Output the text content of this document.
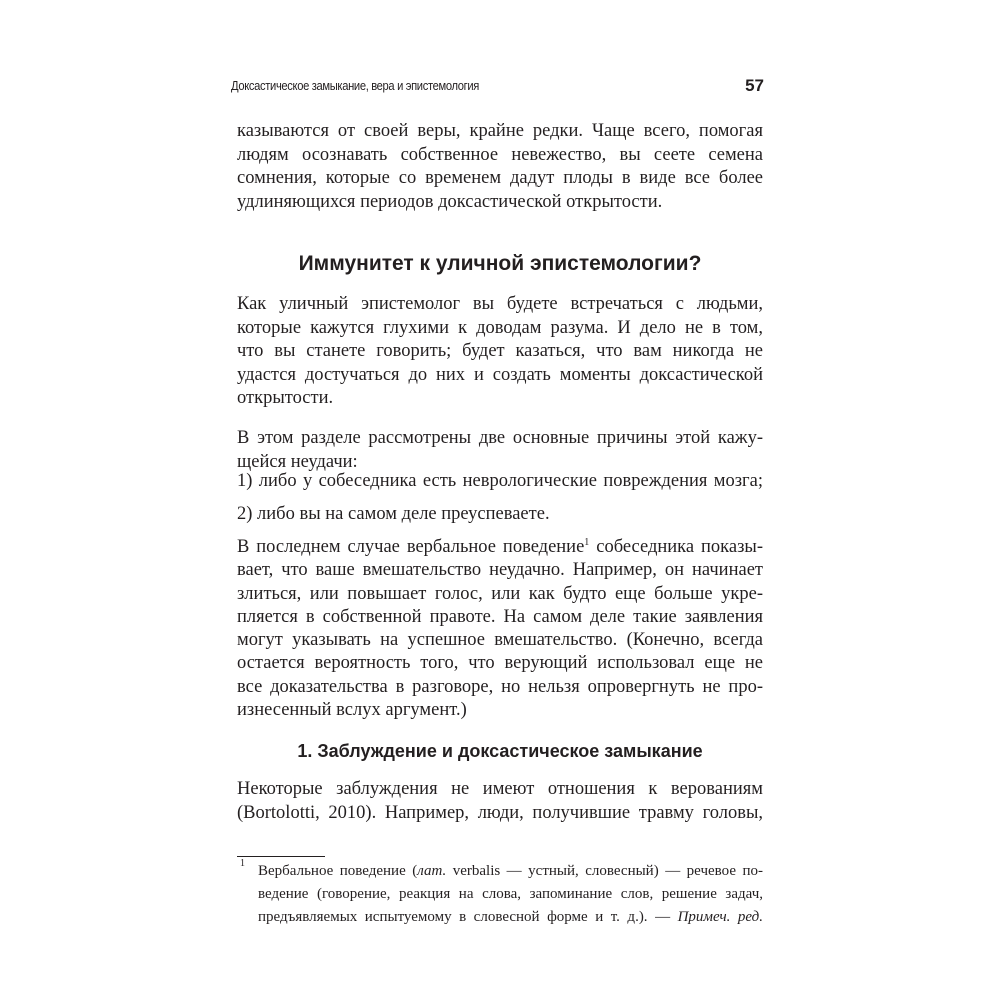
Доксастическое замыкание, вера и эпистемология	57
казываются от своей веры, крайне редки. Чаще всего, помогая
людям осознавать собственное невежество, вы сеете семена
сомнения, которые со временем дадут плоды в виде все более
удлиняющихся периодов доксастической открытости.
Иммунитет к уличной эпистемологии?
Как уличный эпистемолог вы будете встречаться с людьми,
которые кажутся глухими к доводам разума. И дело не в том,
что вы станете говорить; будет казаться, что вам никогда не
удастся достучаться до них и создать моменты доксастической
открытости.
В этом разделе рассмотрены две основные причины этой кажу-
щейся неудачи:
1) либо у собеседника есть неврологические повреждения мозга;
2) либо вы на самом деле преуспеваете.
В последнем случае вербальное поведение$^1$ собеседника показы-
вает, что ваше вмешательство неудачно. Например, он начинает
злиться, или повышает голос, или как будто еще больше укре-
пляется в собственной правоте. На самом деле такие заявления
могут указывать на успешное вмешательство. (Конечно, всегда
остается вероятность того, что верующий использовал еще не
все доказательства в разговоре, но нельзя опровергнуть не про-
изнесенный вслух аргумент.)
1. Заблуждение и доксастическое замыкание
Некоторые заблуждения не имеют отношения к верованиям
(Bortolotti, 2010). Например, люди, получившие травму головы,
1 Вербальное поведение (лат. verbalis — устный, словесный) — речевое по-
ведение (говорение, реакция на слова, запоминание слов, решение задач,
предъявляемых испытуемому в словесной форме и т. д.). — Примеч. ред.
